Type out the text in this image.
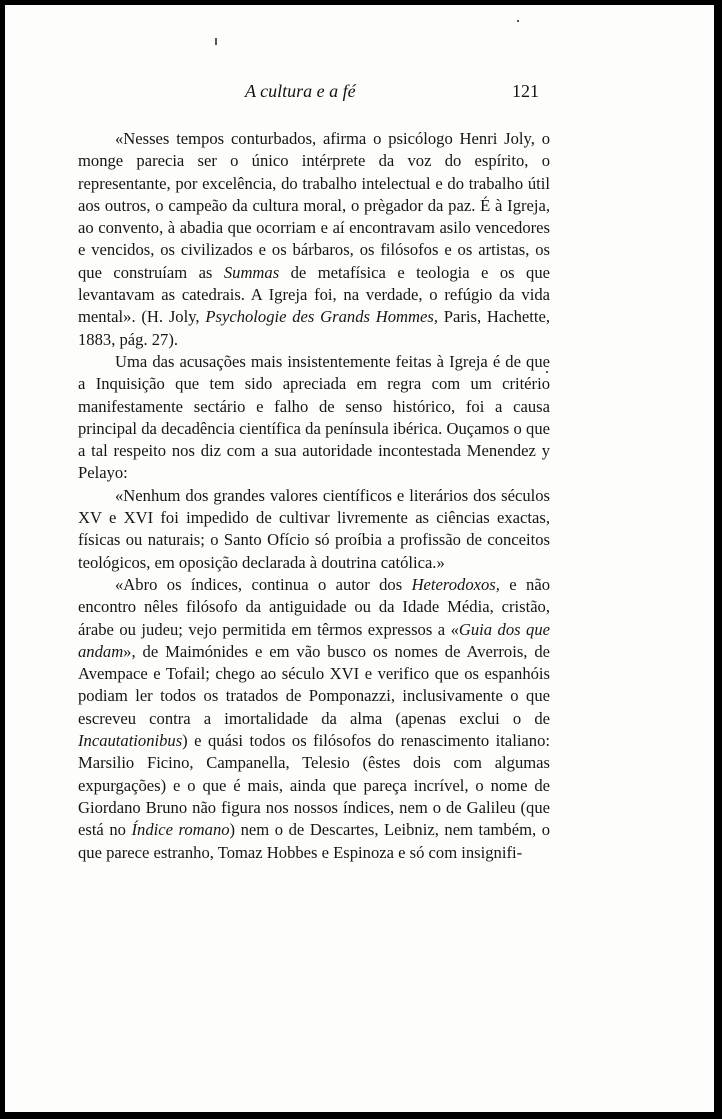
A cultura e a fé	121

«Nesses tempos conturbados, afirma o psicólogo Henri Joly, o monge parecia ser o único intérprete da voz do espírito, o representante, por excelência, do trabalho intelectual e do trabalho útil aos outros, o campeão da cultura moral, o prègador da paz. É à Igreja, ao convento, à abadia que ocorriam e aí encontravam asilo vencedores e vencidos, os civilizados e os bárbaros, os filósofos e os artistas, os que construíam as Summas de metafísica e teologia e os que levantavam as catedrais. A Igreja foi, na verdade, o refúgio da vida mental». (H. Joly, Psychologie des Grands Hommes, Paris, Hachette, 1883, pág. 27).

Uma das acusações mais insistentemente feitas à Igreja é de que a Inquisição que tem sido apreciada em regra com um critério manifestamente sectário e falho de senso histórico, foi a causa principal da decadência científica da península ibérica. Ouçamos o que a tal respeito nos diz com a sua autoridade incontestada Menendez y Pelayo:

«Nenhum dos grandes valores científicos e literários dos séculos XV e XVI foi impedido de cultivar livremente as ciências exactas, físicas ou naturais; o Santo Ofício só proíbia a profissão de conceitos teológicos, em oposição declarada à doutrina católica.»

«Abro os índices, continua o autor dos Heterodoxos, e não encontro nêles filósofo da antiguidade ou da Idade Média, cristão, árabe ou judeu; vejo permitida em têrmos expressos a «Guia dos que andam», de Maimónides e em vão busco os nomes de Averrois, de Avempace e Tofail; chego ao século XVI e verifico que os espanhóis podiam ler todos os tratados de Pomponazzi, inclusivamente o que escreveu contra a imortalidade da alma (apenas exclui o de Incautationibus) e quási todos os filósofos do renascimento italiano: Marsilio Ficino, Campanella, Telesio (êstes dois com algumas expurgações) e o que é mais, ainda que pareça incrível, o nome de Giordano Bruno não figura nos nossos índices, nem o de Galileu (que está no Índice romano) nem o de Descartes, Leibniz, nem também, o que parece estranho, Tomaz Hobbes e Espinoza e só com insignifi-
